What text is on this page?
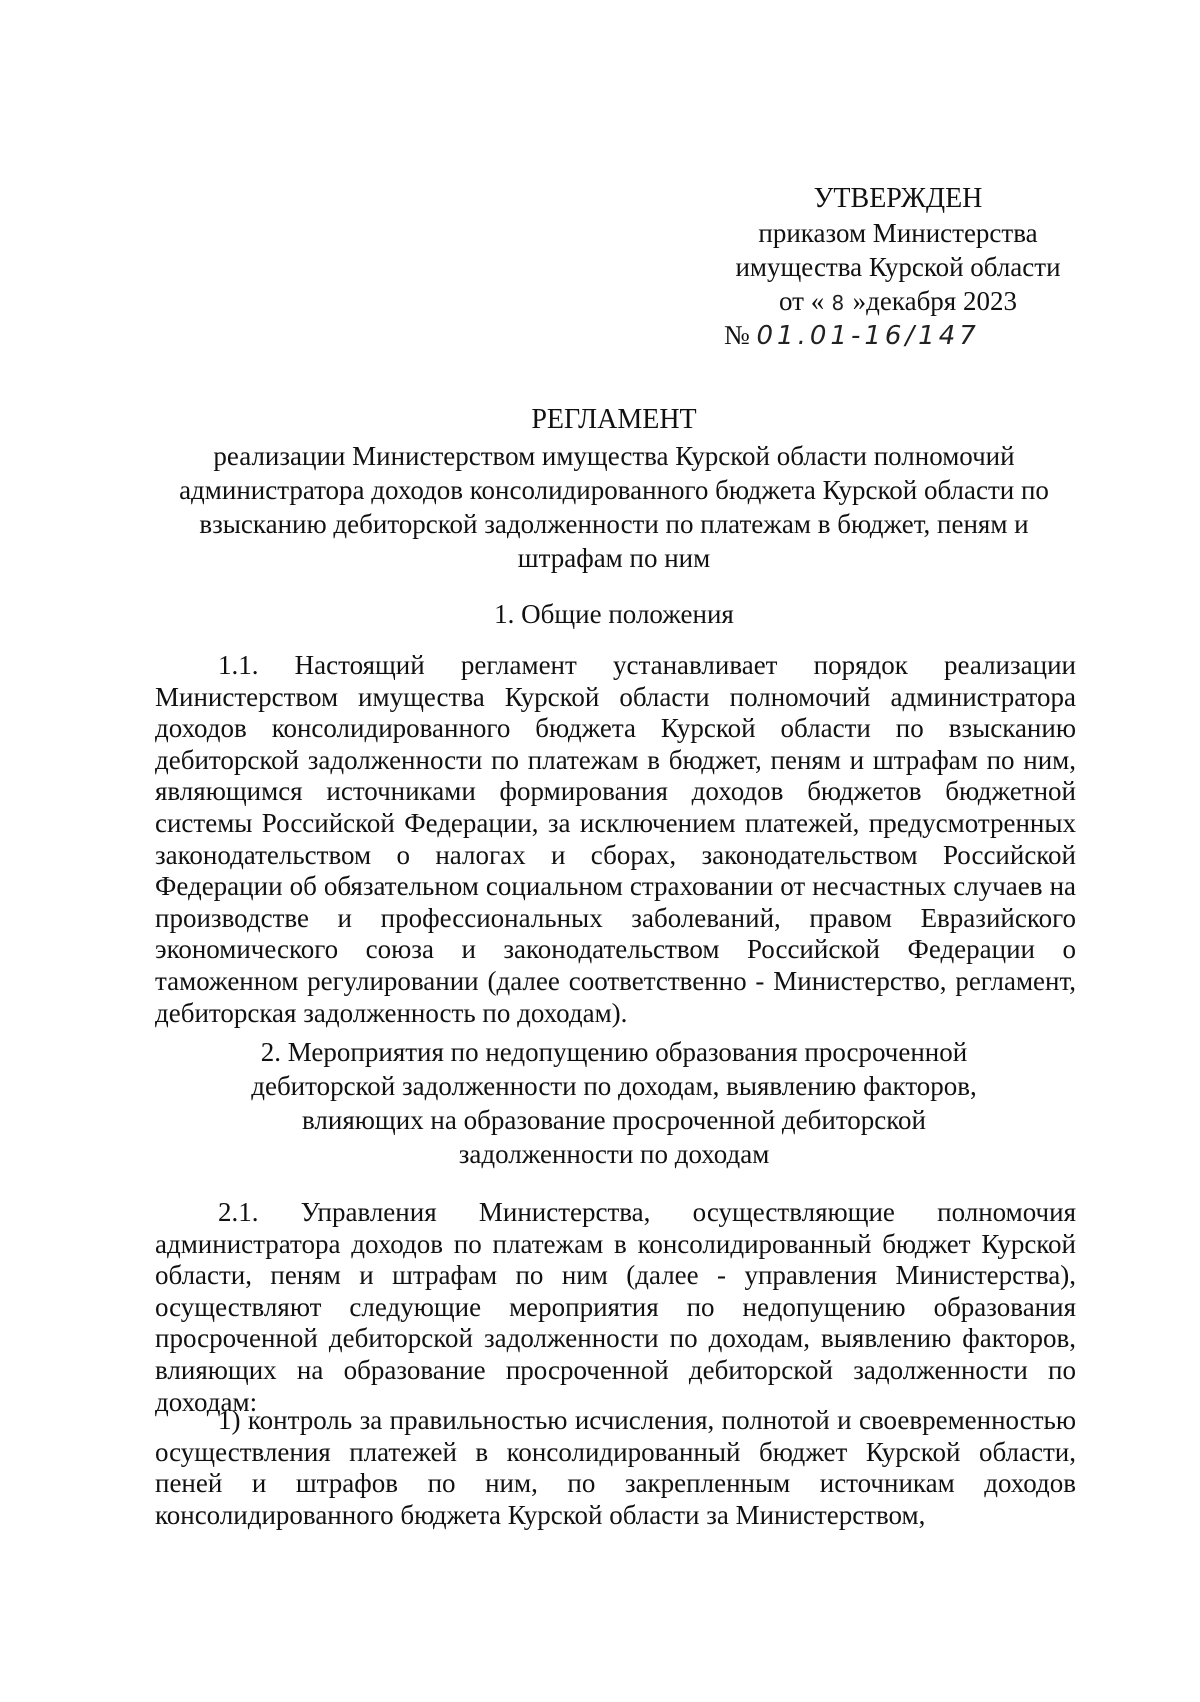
УТВЕРЖДЕН
приказом Министерства
имущества Курской области
от « 8 »декабря 2023
№ 01.01-16/147
РЕГЛАМЕНТ
реализации Министерством имущества Курской области полномочий администратора доходов консолидированного бюджета Курской области по взысканию дебиторской задолженности по платежам в бюджет, пеням и штрафам по ним
1. Общие положения
1.1. Настоящий регламент устанавливает порядок реализации Министерством имущества Курской области полномочий администратора доходов консолидированного бюджета Курской области по взысканию дебиторской задолженности по платежам в бюджет, пеням и штрафам по ним, являющимся источниками формирования доходов бюджетов бюджетной системы Российской Федерации, за исключением платежей, предусмотренных законодательством о налогах и сборах, законодательством Российской Федерации об обязательном социальном страховании от несчастных случаев на производстве и профессиональных заболеваний, правом Евразийского экономического союза и законодательством Российской Федерации о таможенном регулировании (далее соответственно - Министерство, регламент, дебиторская задолженность по доходам).
2. Мероприятия по недопущению образования просроченной дебиторской задолженности по доходам, выявлению факторов, влияющих на образование просроченной дебиторской задолженности по доходам
2.1. Управления Министерства, осуществляющие полномочия администратора доходов по платежам в консолидированный бюджет Курской области, пеням и штрафам по ним (далее - управления Министерства), осуществляют следующие мероприятия по недопущению образования просроченной дебиторской задолженности по доходам, выявлению факторов, влияющих на образование просроченной дебиторской задолженности по доходам:
1) контроль за правильностью исчисления, полнотой и своевременностью осуществления платежей в консолидированный бюджет Курской области, пеней и штрафов по ним, по закрепленным источникам доходов консолидированного бюджета Курской области за Министерством,
